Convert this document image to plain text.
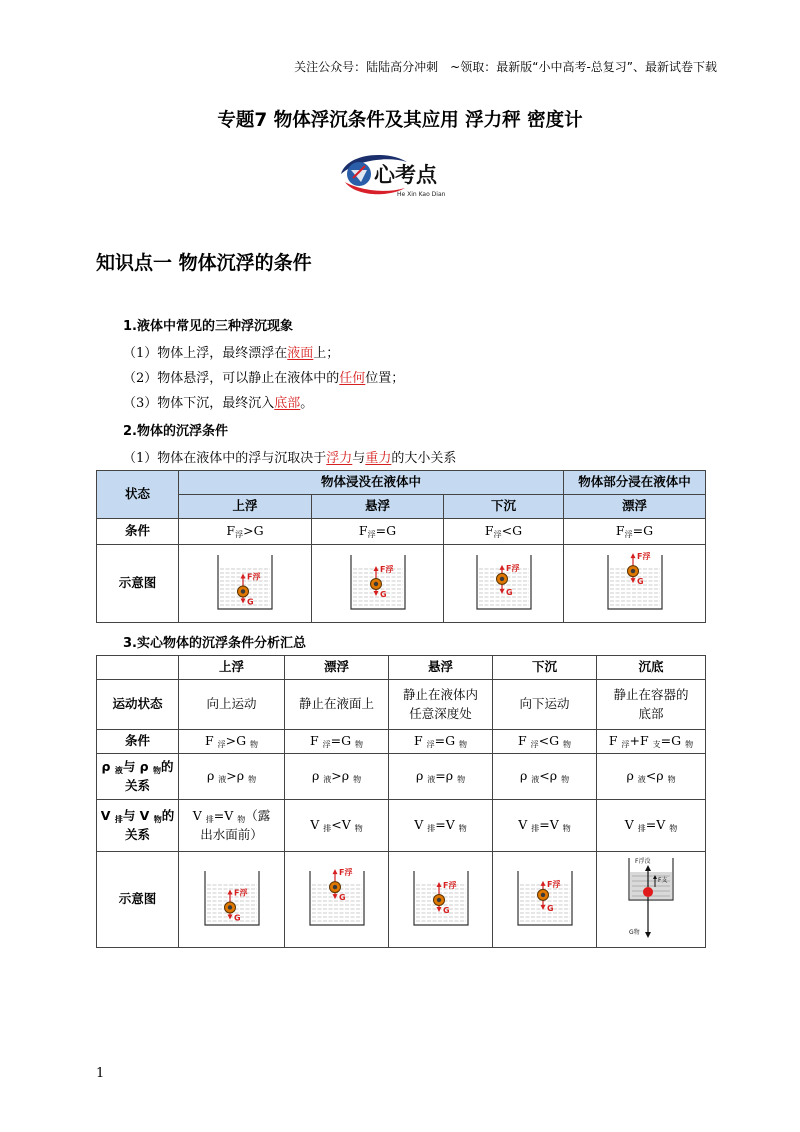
关注公众号：陆陆高分冲刺　~领取：最新版“小中高考-总复习”、最新试卷下载
专题7 物体浮沉条件及其应用 浮力秤 密度计
心考点
He Xin Kao Dian
知识点一 物体沉浮的条件
1.液体中常见的三种浮沉现象
（1）物体上浮，最终漂浮在液面上；
（2）物体悬浮，可以静止在液体中的任何位置；
（3）物体下沉，最终沉入底部。
2.物体的沉浮条件
（1）物体在液体中的浮与沉取决于浮力与重力的大小关系
状态	物体浸没在液体中			物体部分浸在液体中
	上浮	悬浮	下沉	漂浮
条件	$F_浮>G$	$F_浮=G$	$F_浮<G$	$F_浮=G$
示意图	F浮
G	F浮
G	F浮
G	F浮
G
3.实心物体的沉浮条件分析汇总
	上浮	漂浮	悬浮	下沉	沉底
运动状态	向上运动	静止在液面上	静止在液体内
任意深度处	向下运动	静止在容器的
底部
条件	F $_浮$>G $_物$	F $_浮$=G $_物$	F $_浮$=G $_物$	F $_浮$<G $_物$	F $_浮$+F $_支$=G $_物$
ρ $_液$与 ρ $_物$的
关系	ρ $_液$>ρ $_物$	ρ $_液$>ρ $_物$	ρ $_液$=ρ $_物$	ρ $_液$<ρ $_物$	ρ $_液$<ρ $_物$
V $_排$与 V $_物$的
关系	V $_排$=V $_物$（露
出水面前）	V $_排$<V $_物$	V $_排$=V $_物$	V $_排$=V $_物$	V $_排$=V $_物$
示意图	F浮
G	F浮
G	F浮
G	F浮
G	F浮没
F支
G物
1
